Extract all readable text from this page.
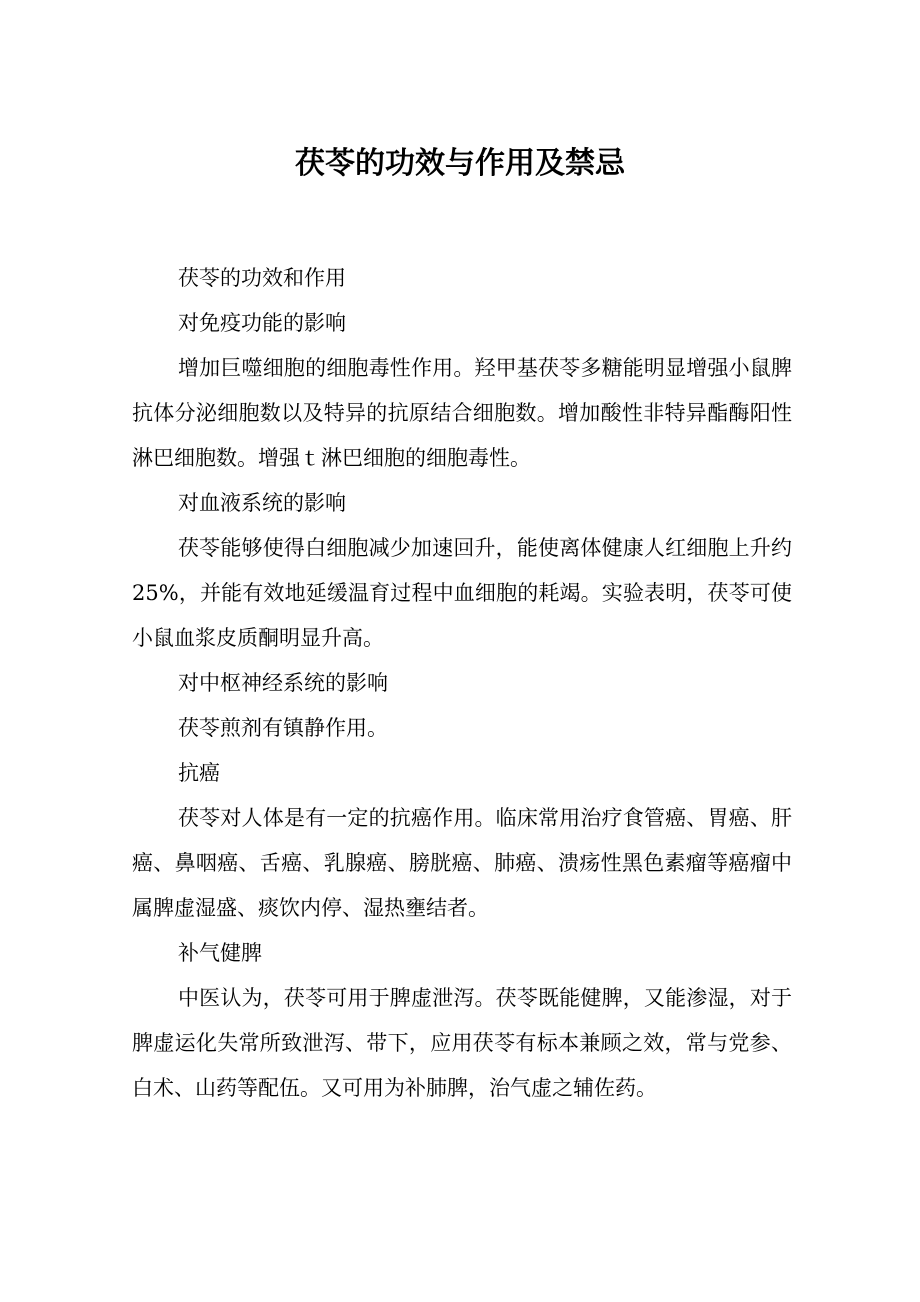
茯苓的功效与作用及禁忌

茯苓的功效和作用

对免疫功能的影响

增加巨噬细胞的细胞毒性作用。羟甲基茯苓多糖能明显增强小鼠脾抗体分泌细胞数以及特异的抗原结合细胞数。增加酸性非特异酯酶阳性淋巴细胞数。增强ｔ淋巴细胞的细胞毒性。

对血液系统的影响

茯苓能够使得白细胞减少加速回升，能使离体健康人红细胞上升约25%，并能有效地延缓温育过程中血细胞的耗竭。实验表明，茯苓可使小鼠血浆皮质酮明显升高。

对中枢神经系统的影响

茯苓煎剂有镇静作用。

抗癌

茯苓对人体是有一定的抗癌作用。临床常用治疗食管癌、胃癌、肝癌、鼻咽癌、舌癌、乳腺癌、膀胱癌、肺癌、溃疡性黑色素瘤等癌瘤中属脾虚湿盛、痰饮内停、湿热壅结者。

补气健脾

中医认为，茯苓可用于脾虚泄泻。茯苓既能健脾，又能渗湿，对于脾虚运化失常所致泄泻、带下，应用茯苓有标本兼顾之效，常与党参、白术、山药等配伍。又可用为补肺脾，治气虚之辅佐药。
